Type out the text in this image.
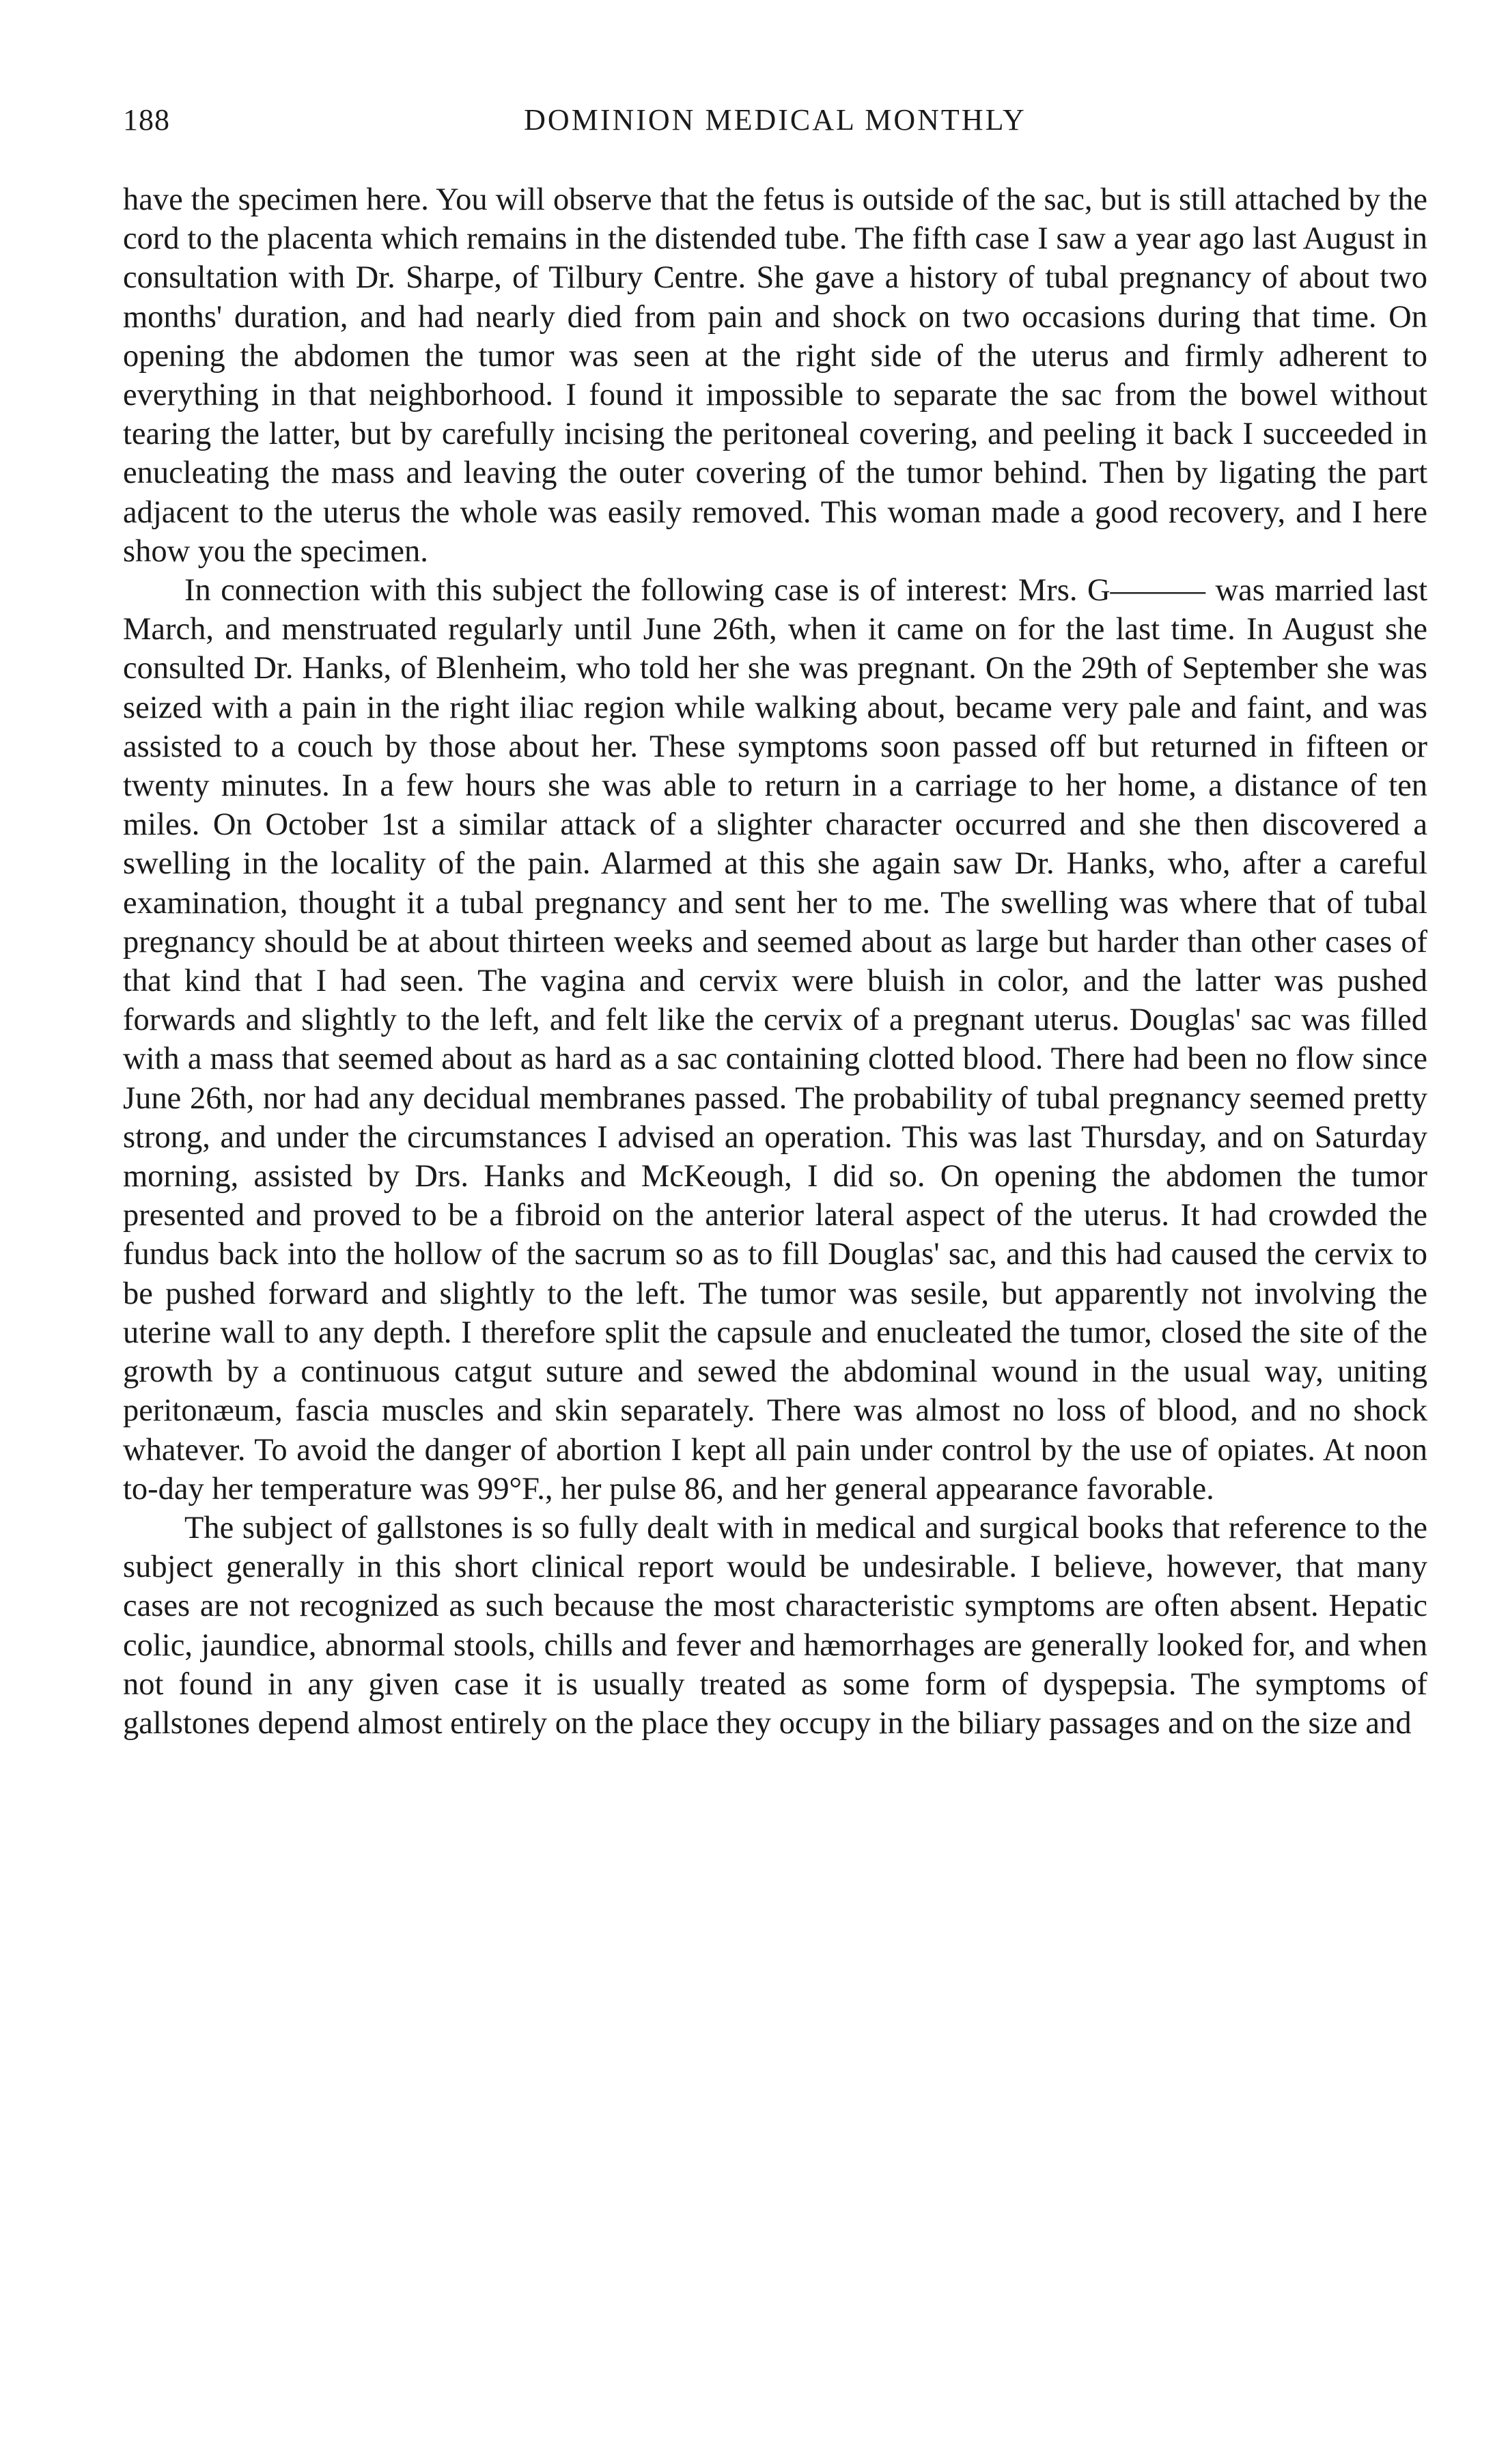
188	DOMINION MEDICAL MONTHLY

have the specimen here. You will observe that the fetus is outside of the sac, but is still attached by the cord to the placenta which remains in the distended tube. The fifth case I saw a year ago last August in consultation with Dr. Sharpe, of Tilbury Centre. She gave a history of tubal pregnancy of about two months' duration, and had nearly died from pain and shock on two occasions during that time. On opening the abdomen the tumor was seen at the right side of the uterus and firmly adherent to everything in that neighborhood. I found it impossible to separate the sac from the bowel without tearing the latter, but by carefully incising the peritoneal covering, and peeling it back I succeeded in enucleating the mass and leaving the outer covering of the tumor behind. Then by ligating the part adjacent to the uterus the whole was easily removed. This woman made a good recovery, and I here show you the specimen.

In connection with this subject the following case is of interest: Mrs. G——— was married last March, and menstruated regularly until June 26th, when it came on for the last time. In August she consulted Dr. Hanks, of Blenheim, who told her she was pregnant. On the 29th of September she was seized with a pain in the right iliac region while walking about, became very pale and faint, and was assisted to a couch by those about her. These symptoms soon passed off but returned in fifteen or twenty minutes. In a few hours she was able to return in a carriage to her home, a distance of ten miles. On October 1st a similar attack of a slighter character occurred and she then discovered a swelling in the locality of the pain. Alarmed at this she again saw Dr. Hanks, who, after a careful examination, thought it a tubal pregnancy and sent her to me. The swelling was where that of tubal pregnancy should be at about thirteen weeks and seemed about as large but harder than other cases of that kind that I had seen. The vagina and cervix were bluish in color, and the latter was pushed forwards and slightly to the left, and felt like the cervix of a pregnant uterus. Douglas' sac was filled with a mass that seemed about as hard as a sac containing clotted blood. There had been no flow since June 26th, nor had any decidual membranes passed. The probability of tubal pregnancy seemed pretty strong, and under the circumstances I advised an operation. This was last Thursday, and on Saturday morning, assisted by Drs. Hanks and McKeough, I did so. On opening the abdomen the tumor presented and proved to be a fibroid on the anterior lateral aspect of the uterus. It had crowded the fundus back into the hollow of the sacrum so as to fill Douglas' sac, and this had caused the cervix to be pushed forward and slightly to the left. The tumor was sesile, but apparently not involving the uterine wall to any depth. I therefore split the capsule and enucleated the tumor, closed the site of the growth by a continuous catgut suture and sewed the abdominal wound in the usual way, uniting peritonæum, fascia muscles and skin separately. There was almost no loss of blood, and no shock whatever. To avoid the danger of abortion I kept all pain under control by the use of opiates. At noon to-day her temperature was 99°F., her pulse 86, and her general appearance favorable.

The subject of gallstones is so fully dealt with in medical and surgical books that reference to the subject generally in this short clinical report would be undesirable. I believe, however, that many cases are not recognized as such because the most characteristic symptoms are often absent. Hepatic colic, jaundice, abnormal stools, chills and fever and hæmorrhages are generally looked for, and when not found in any given case it is usually treated as some form of dyspepsia. The symptoms of gallstones depend almost entirely on the place they occupy in the biliary passages and on the size and
